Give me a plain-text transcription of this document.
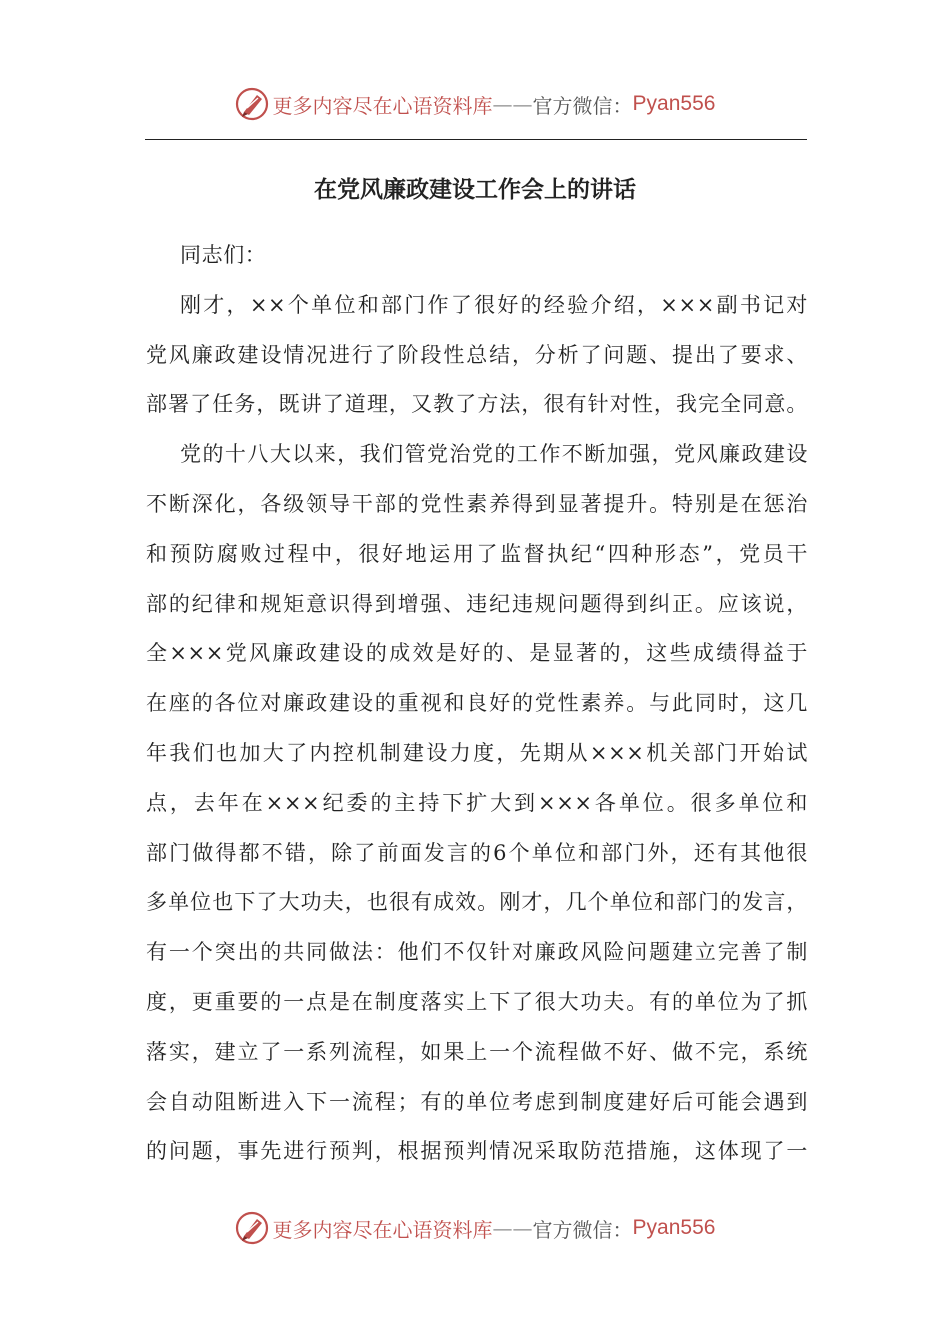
更多内容尽在心语资料库 —— 官方微信： Pyan556
在党风廉政建设工作会上的讲话
同志们：
刚才，××个单位和部门作了很好的经验介绍，×××副书记对
党风廉政建设情况进行了阶段性总结，分析了问题、提出了要求、
部署了任务，既讲了道理，又教了方法，很有针对性，我完全同意。
党的十八大以来，我们管党治党的工作不断加强，党风廉政建设
不断深化，各级领导干部的党性素养得到显著提升。特别是在惩治
和预防腐败过程中，很好地运用了监督执纪“四种形态”，党员干
部的纪律和规矩意识得到增强、违纪违规问题得到纠正。应该说，
全×××党风廉政建设的成效是好的、是显著的，这些成绩得益于
在座的各位对廉政建设的重视和良好的党性素养。与此同时，这几
年我们也加大了内控机制建设力度，先期从×××机关部门开始试
点，去年在×××纪委的主持下扩大到×××各单位。很多单位和
部门做得都不错，除了前面发言的6个单位和部门外，还有其他很
多单位也下了大功夫，也很有成效。刚才，几个单位和部门的发言，
有一个突出的共同做法：他们不仅针对廉政风险问题建立完善了制
度，更重要的一点是在制度落实上下了很大功夫。有的单位为了抓
落实，建立了一系列流程，如果上一个流程做不好、做不完，系统
会自动阻断进入下一流程；有的单位考虑到制度建好后可能会遇到
的问题，事先进行预判，根据预判情况采取防范措施，这体现了一
更多内容尽在心语资料库 —— 官方微信： Pyan556
